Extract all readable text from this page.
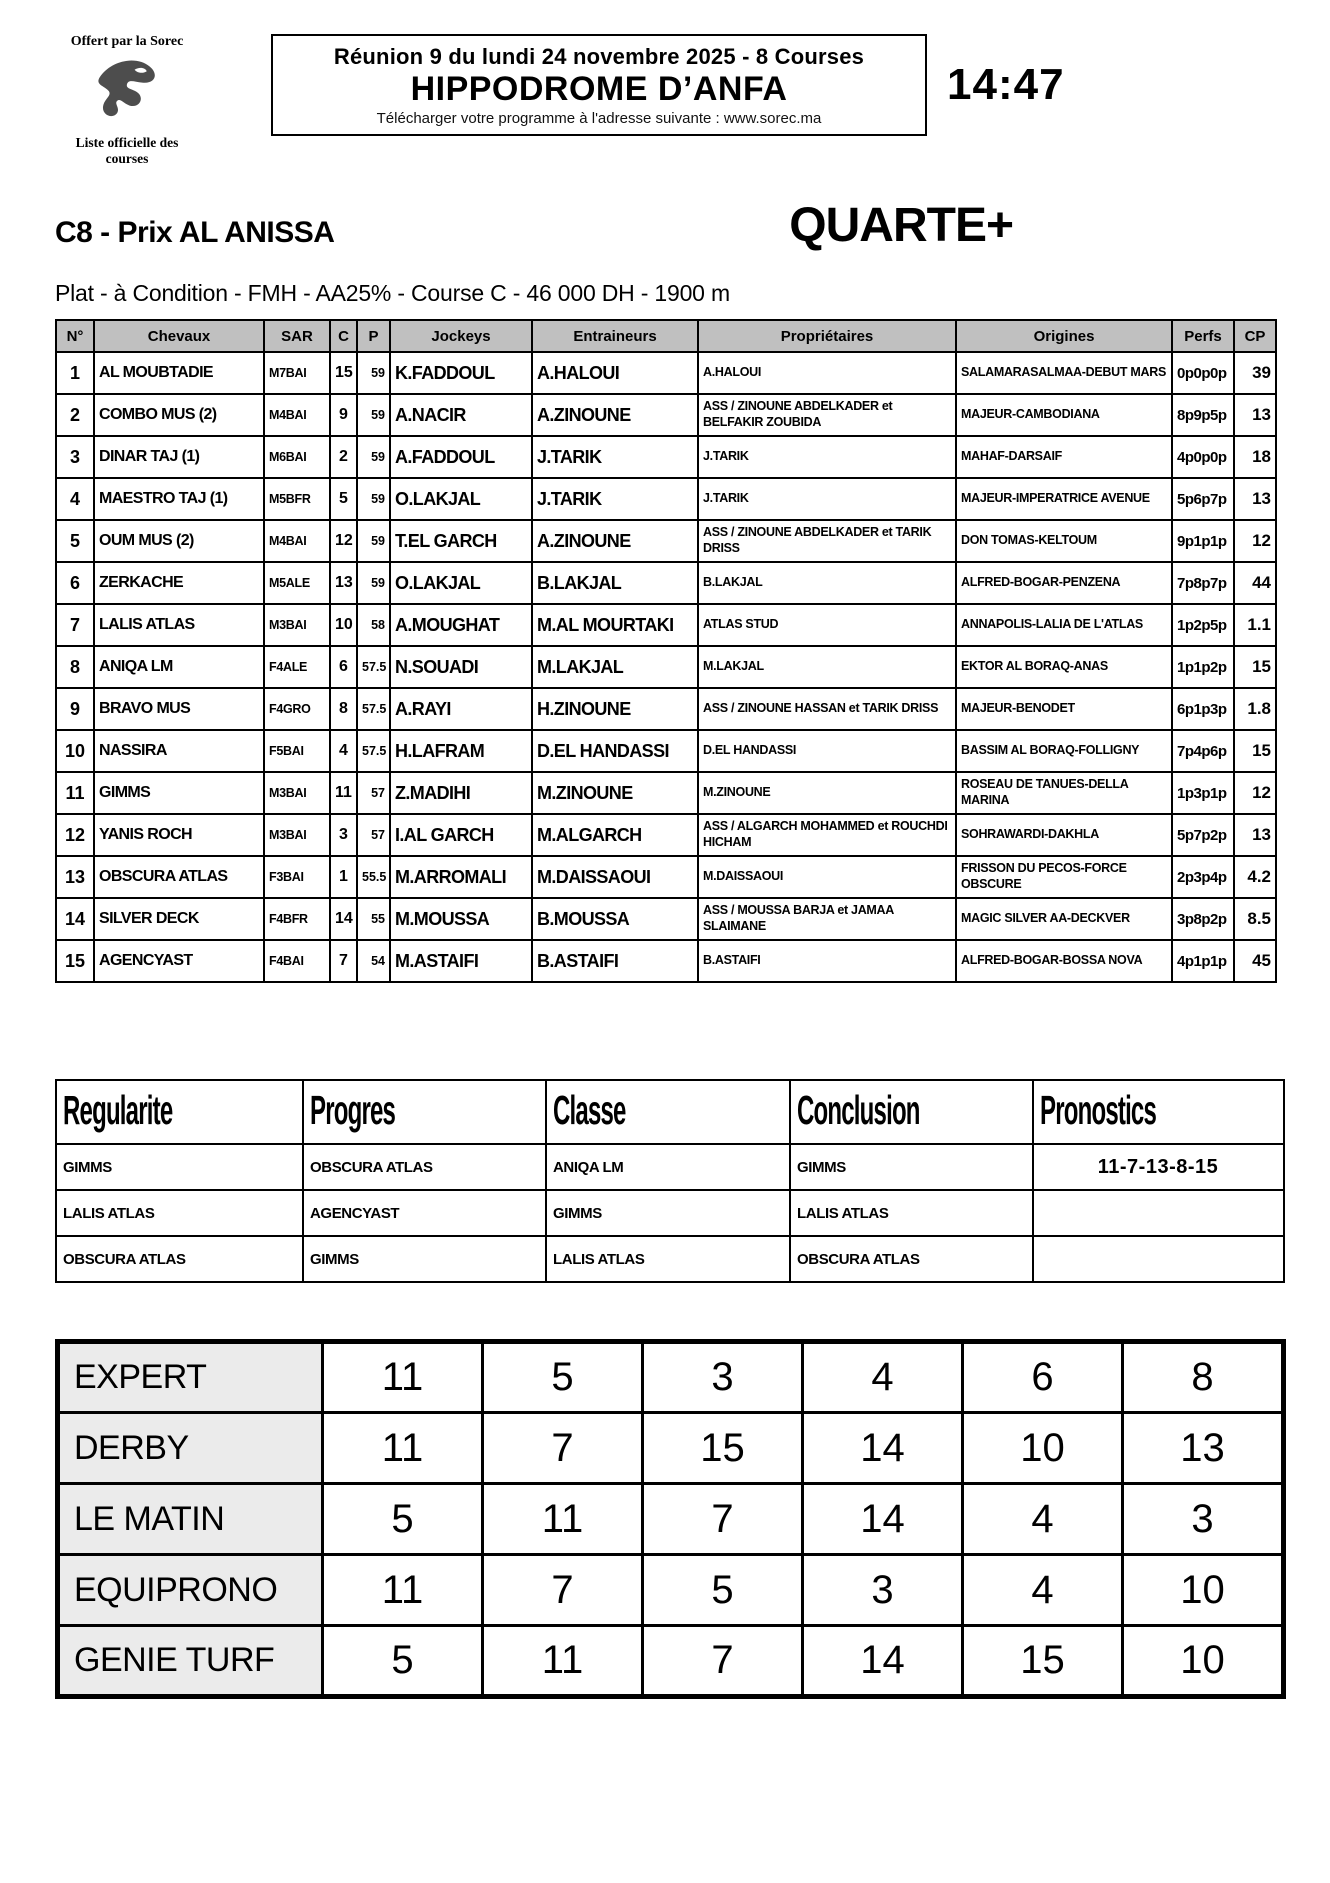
Offert par la Sorec
Liste officielle des courses
Réunion 9 du lundi 24 novembre 2025 - 8 Courses
HIPPODROME D’ANFA
Télécharger votre programme à l'adresse suivante : www.sorec.ma
14:47
C8 - Prix AL ANISSA	QUARTE+
Plat - à Condition - FMH - AA25% - Course C - 46 000 DH - 1900 m
N°	Chevaux	SAR	C	P	Jockeys	Entraineurs	Propriétaires	Origines	Perfs	CP
1	AL MOUBTADIE	M7BAI	15	59	K.FADDOUL	A.HALOUI	A.HALOUI	SALAMARASALMAA-DEBUT MARS	0p0p0p	39
2	COMBO MUS (2)	M4BAI	9	59	A.NACIR	A.ZINOUNE	ASS / ZINOUNE ABDELKADER et BELFAKIR ZOUBIDA	MAJEUR-CAMBODIANA	8p9p5p	13
3	DINAR TAJ (1)	M6BAI	2	59	A.FADDOUL	J.TARIK	J.TARIK	MAHAF-DARSAIF	4p0p0p	18
4	MAESTRO TAJ (1)	M5BFR	5	59	O.LAKJAL	J.TARIK	J.TARIK	MAJEUR-IMPERATRICE AVENUE	5p6p7p	13
5	OUM MUS (2)	M4BAI	12	59	T.EL GARCH	A.ZINOUNE	ASS / ZINOUNE ABDELKADER et TARIK DRISS	DON TOMAS-KELTOUM	9p1p1p	12
6	ZERKACHE	M5ALE	13	59	O.LAKJAL	B.LAKJAL	B.LAKJAL	ALFRED-BOGAR-PENZENA	7p8p7p	44
7	LALIS ATLAS	M3BAI	10	58	A.MOUGHAT	M.AL MOURTAKI	ATLAS STUD	ANNAPOLIS-LALIA DE L'ATLAS	1p2p5p	1.1
8	ANIQA LM	F4ALE	6	57.5	N.SOUADI	M.LAKJAL	M.LAKJAL	EKTOR AL BORAQ-ANAS	1p1p2p	15
9	BRAVO MUS	F4GRO	8	57.5	A.RAYI	H.ZINOUNE	ASS / ZINOUNE HASSAN et TARIK DRISS	MAJEUR-BENODET	6p1p3p	1.8
10	NASSIRA	F5BAI	4	57.5	H.LAFRAM	D.EL HANDASSI	D.EL HANDASSI	BASSIM AL BORAQ-FOLLIGNY	7p4p6p	15
11	GIMMS	M3BAI	11	57	Z.MADIHI	M.ZINOUNE	M.ZINOUNE	ROSEAU DE TANUES-DELLA MARINA	1p3p1p	12
12	YANIS ROCH	M3BAI	3	57	I.AL GARCH	M.ALGARCH	ASS / ALGARCH MOHAMMED et ROUCHDI HICHAM	SOHRAWARDI-DAKHLA	5p7p2p	13
13	OBSCURA ATLAS	F3BAI	1	55.5	M.ARROMALI	M.DAISSAOUI	M.DAISSAOUI	FRISSON DU PECOS-FORCE OBSCURE	2p3p4p	4.2
14	SILVER DECK	F4BFR	14	55	M.MOUSSA	B.MOUSSA	ASS / MOUSSA BARJA et JAMAA SLAIMANE	MAGIC SILVER AA-DECKVER	3p8p2p	8.5
15	AGENCYAST	F4BAI	7	54	M.ASTAIFI	B.ASTAIFI	B.ASTAIFI	ALFRED-BOGAR-BOSSA NOVA	4p1p1p	45
Regularite	Progres	Classe	Conclusion	Pronostics
GIMMS	OBSCURA ATLAS	ANIQA LM	GIMMS	11-7-13-8-15
LALIS ATLAS	AGENCYAST	GIMMS	LALIS ATLAS	
OBSCURA ATLAS	GIMMS	LALIS ATLAS	OBSCURA ATLAS	
EXPERT	11	5	3	4	6	8
DERBY	11	7	15	14	10	13
LE MATIN	5	11	7	14	4	3
EQUIPRONO	11	7	5	3	4	10
GENIE TURF	5	11	7	14	15	10
